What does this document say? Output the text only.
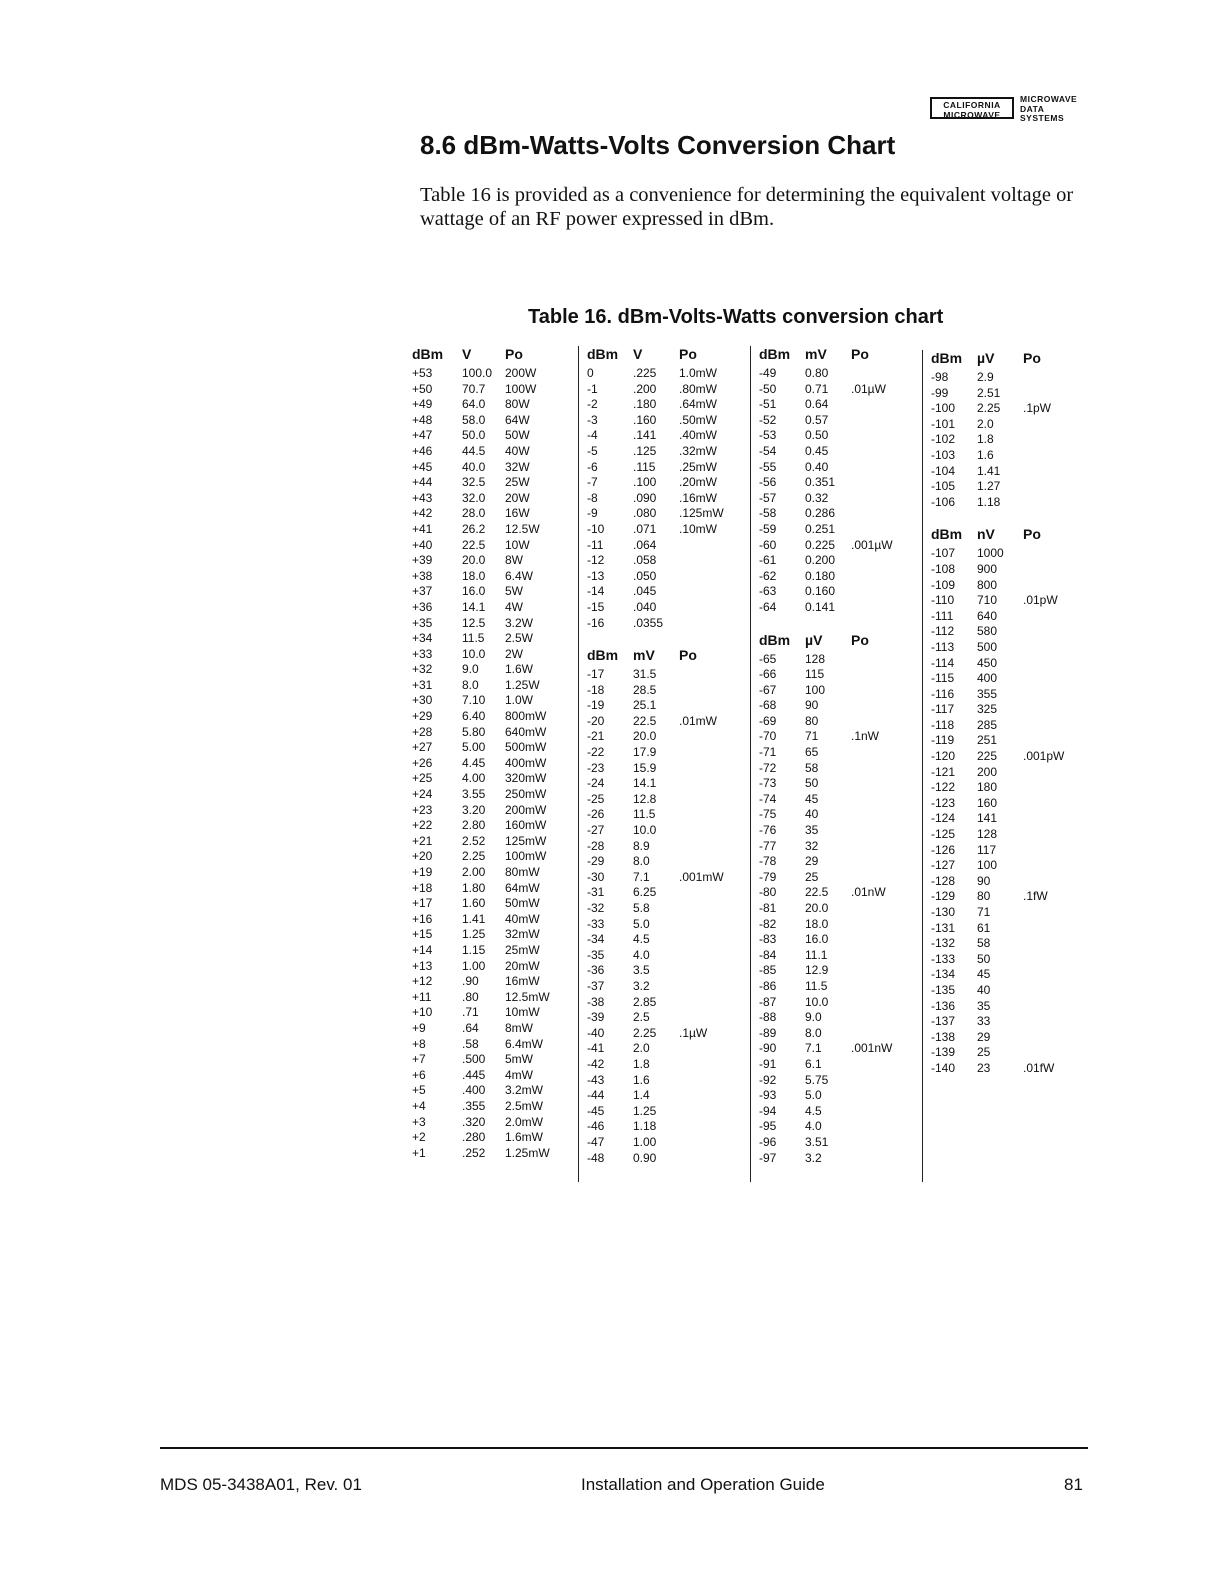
CALIFORNIA
MICROWAVE
MICROWAVE
DATA
SYSTEMS
8.6 dBm-Watts-Volts Conversion Chart

Table 16 is provided as a convenience for determining the equivalent voltage or wattage of an RF power expressed in dBm.

Table 16. dBm-Volts-Watts conversion chart
dBm V Po
+53 100.0 200W
+50 70.7 100W
+49 64.0 80W
+48 58.0 64W
+47 50.0 50W
+46 44.5 40W
+45 40.0 32W
+44 32.5 25W
+43 32.0 20W
+42 28.0 16W
+41 26.2 12.5W
+40 22.5 10W
+39 20.0 8W
+38 18.0 6.4W
+37 16.0 5W
+36 14.1 4W
+35 12.5 3.2W
+34 11.5 2.5W
+33 10.0 2W
+32 9.0 1.6W
+31 8.0 1.25W
+30 7.10 1.0W
+29 6.40 800mW
+28 5.80 640mW
+27 5.00 500mW
+26 4.45 400mW
+25 4.00 320mW
+24 3.55 250mW
+23 3.20 200mW
+22 2.80 160mW
+21 2.52 125mW
+20 2.25 100mW
+19 2.00 80mW
+18 1.80 64mW
+17 1.60 50mW
+16 1.41 40mW
+15 1.25 32mW
+14 1.15 25mW
+13 1.00 20mW
+12 .90 16mW
+11	.80 12.5mW
+10 .71 10mW
+9	.64 8mW
+8	.58 6.4mW
+7	.500 5mW
+6	.445 4mW
+5	.400 3.2mW
+4	.355 2.5mW
+3	.320 2.0mW
+2	.280 1.6mW
+1	.252 1.25mW
dBm V	Po
0	.225 1.0mW
-1	.200 .80mW
-2	.180 .64mW
-3	.160 .50mW
-4	.141 .40mW
-5	.125 .32mW
-6	.115 .25mW
-7	.100 .20mW
-8	.090 .16mW
-9	.080 .125mW
-10 .071 .10mW
-11 .064
-12 .058
-13 .050
-14 .045
-15 .040
-16 .0355
dBm mV Po
-17 31.5
-18 28.5
-19 25.1
-20 22.5 .01mW
-21 20.0
-22 17.9
-23 15.9
-24 14.1
-25 12.8
-26 11.5
-27 10.0
-28 8.9
-29 8.0
-30 7.1 .001mW
-31 6.25
-32 5.8
-33 5.0
-34 4.5
-35 4.0
-36 3.5
-37 3.2
-38 2.85
-39 2.5
-40 2.25 .1µW
-41 2.0
-42 1.8
-43 1.6
-44 1.4
-45 1.25
-46 1.18
-47 1.00
-48 0.90
dBm mV Po
-49 0.80
-50 0.71 .01µW
-51 0.64
-52 0.57
-53 0.50
-54 0.45
-55 0.40
-56 0.351
-57 0.32
-58 0.286
-59 0.251
-60 0.225 .001µW
-61 0.200
-62 0.180
-63 0.160
-64 0.141
dBm µV Po
-65 128
-66 115
-67 100
-68 90
-69 80
-70 71	.1nW
-71 65
-72 58
-73 50
-74 45
-75 40
-76 35
-77 32
-78 29
-79 25
-80 22.5 .01nW
-81 20.0
-82 18.0
-83 16.0
-84 11.1
-85 12.9
-86 11.5
-87 10.0
-88 9.0
-89 8.0
-90 7.1 .001nW
-91 6.1
-92 5.75
-93 5.0
-94 4.5
-95 4.0
-96 3.51
-97 3.2
dBm µV Po
-98 2.9
-99 2.51
-100 2.25 .1pW
-101 2.0
-102 1.8
-103 1.6
-104 1.41
-105 1.27
-106 1.18
dBm nV Po
-107 1000
-108 900
-109 800
-110 710 .01pW
-111 640
-112 580
-113 500
-114 450
-115 400
-116 355
-117 325
-118 285
-119 251
-120 225 .001pW
-121 200
-122 180
-123 160
-124 141
-125 128
-126 117
-127 100
-128 90
-129 80	.1fW
-130 71
-131 61
-132 58
-133 50
-134 45
-135 40
-136 35
-137 33
-138 29
-139 25
-140 23	.01fW
MDS 05-3438A01, Rev. 01	Installation and Operation Guide	81
